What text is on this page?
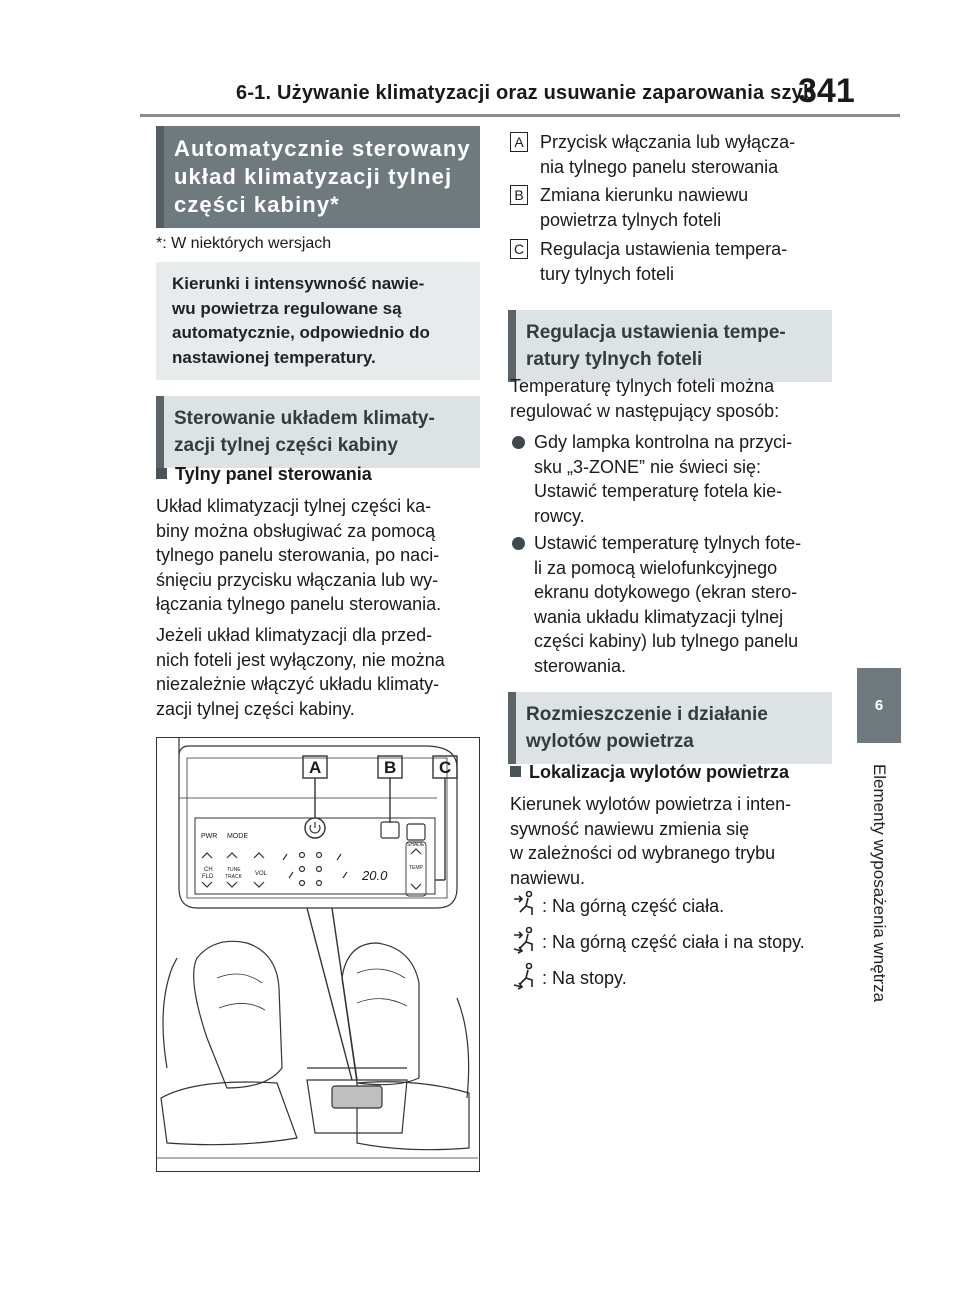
6-1. Używanie klimatyzacji oraz usuwanie zaparowania szyb
341
6
Elementy wyposażenia wnętrza
Automatycznie sterowany
układ klimatyzacji tylnej
części kabiny*
*: W niektórych wersjach
Kierunki i intensywność nawie-
wu powietrza regulowane są
automatycznie, odpowiednio do
nastawionej temperatury.
Sterowanie układem klimaty-
zacji tylnej części kabiny
Tylny panel sterowania
Układ klimatyzacji tylnej części ka-
biny można obsługiwać za pomocą
tylnego panelu sterowania, po naci-
śnięciu przycisku włączania lub wy-
łączania tylnego panelu sterowania.
Jeżeli układ klimatyzacji dla przed-
nich foteli jest wyłączony, nie można
niezależnie włączyć układu klimaty-
zacji tylnej części kabiny.
A	B	C
PWR MODE
SHADE
CH
FLD
TUNE
TRACK VOL	20.0	TEMP
A Przycisk włączania lub wyłącza-
nia tylnego panelu sterowania
B Zmiana kierunku nawiewu
powietrza tylnych foteli
C Regulacja ustawienia tempera-
tury tylnych foteli
Regulacja ustawienia tempe-
ratury tylnych foteli
Temperaturę tylnych foteli można
regulować w następujący sposób:
Gdy lampka kontrolna na przyci-
sku „3-ZONE” nie świeci się:
Ustawić temperaturę fotela kie-
rowcy.
Ustawić temperaturę tylnych fote-
li za pomocą wielofunkcyjnego
ekranu dotykowego (ekran stero-
wania układu klimatyzacji tylnej
części kabiny) lub tylnego panelu
sterowania.
Rozmieszczenie i działanie
wylotów powietrza
Lokalizacja wylotów powietrza
Kierunek wylotów powietrza i inten-
sywność nawiewu zmienia się
w zależności od wybranego trybu
nawiewu.
: Na górną część ciała.
: Na górną część ciała i na stopy.
: Na stopy.
